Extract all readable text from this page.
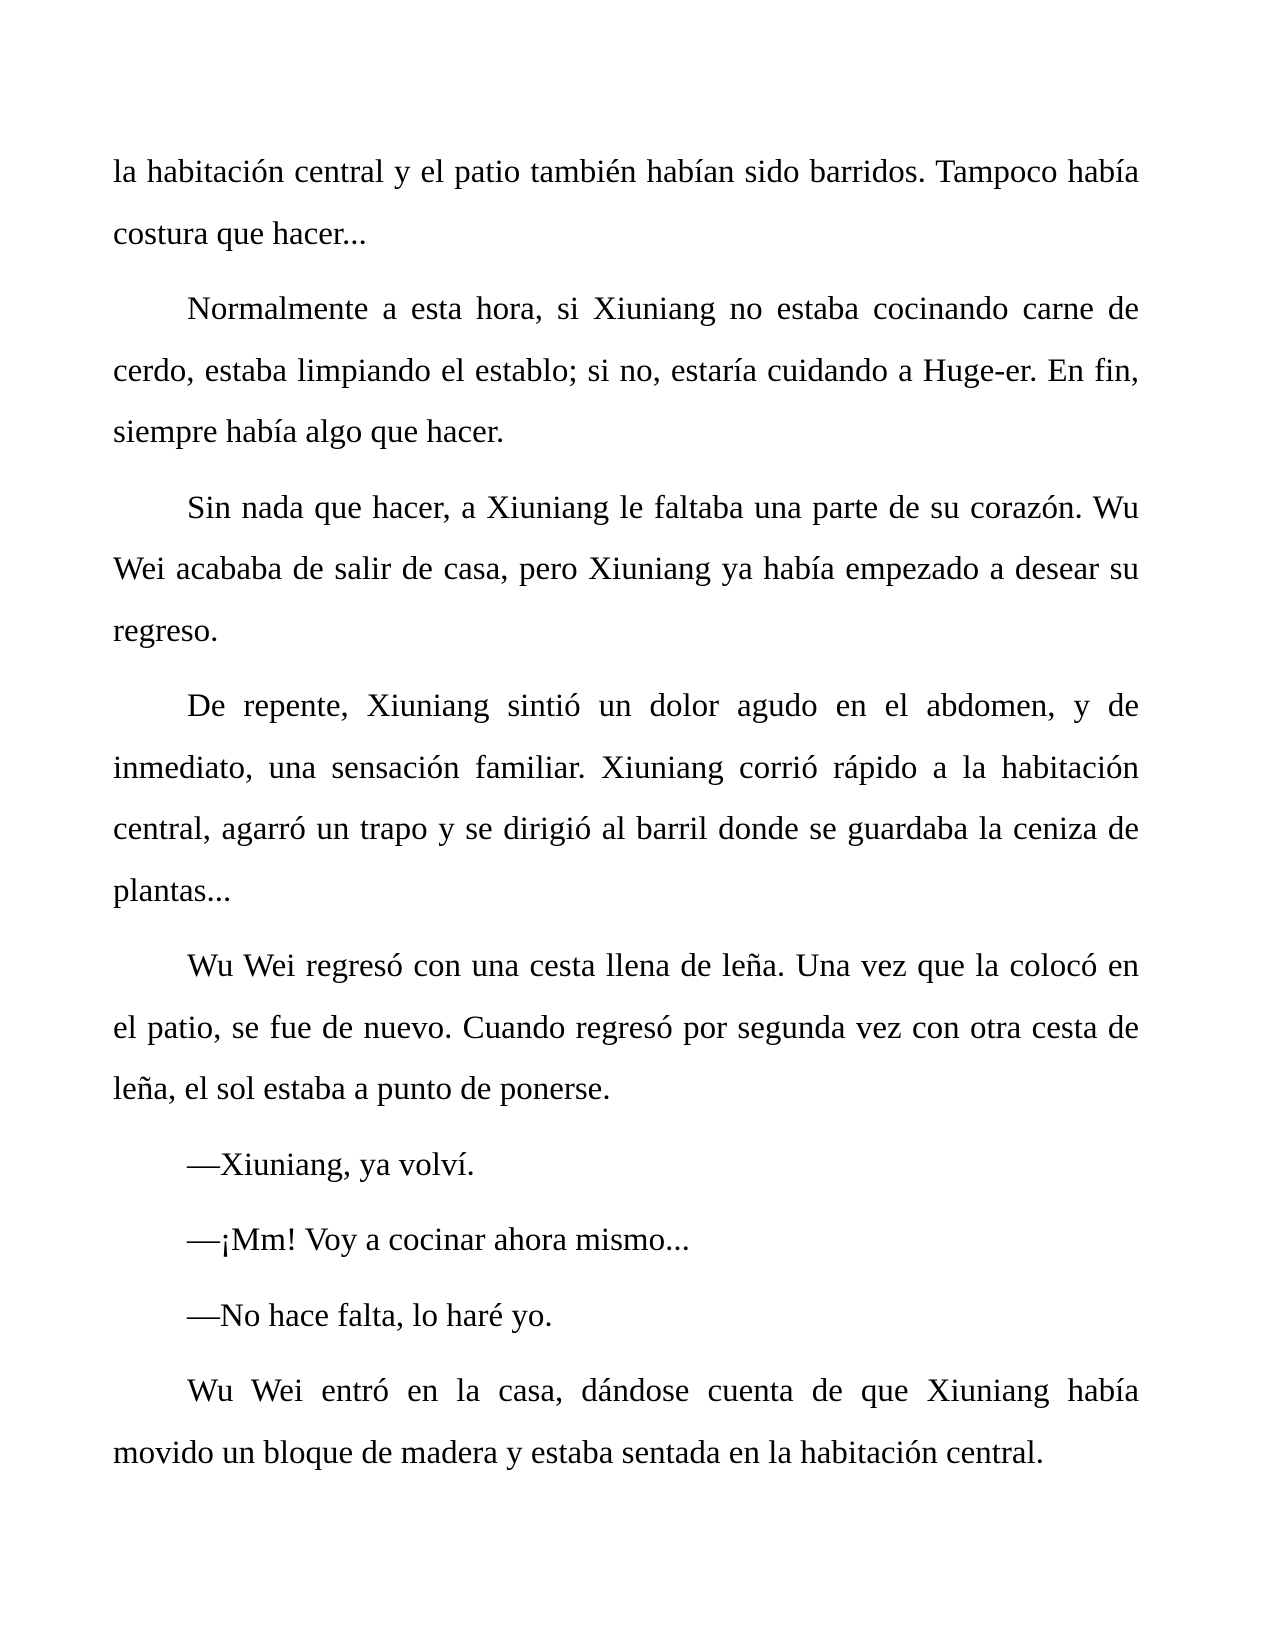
la habitación central y el patio también habían sido barridos. Tampoco había costura que hacer...

Normalmente a esta hora, si Xiuniang no estaba cocinando carne de cerdo, estaba limpiando el establo; si no, estaría cuidando a Huge-er. En fin, siempre había algo que hacer.

Sin nada que hacer, a Xiuniang le faltaba una parte de su corazón. Wu Wei acababa de salir de casa, pero Xiuniang ya había empezado a desear su regreso.

De repente, Xiuniang sintió un dolor agudo en el abdomen, y de inmediato, una sensación familiar. Xiuniang corrió rápido a la habitación central, agarró un trapo y se dirigió al barril donde se guardaba la ceniza de plantas...

Wu Wei regresó con una cesta llena de leña. Una vez que la colocó en el patio, se fue de nuevo. Cuando regresó por segunda vez con otra cesta de leña, el sol estaba a punto de ponerse.

—Xiuniang, ya volví.

—¡Mm! Voy a cocinar ahora mismo...

—No hace falta, lo haré yo.

Wu Wei entró en la casa, dándose cuenta de que Xiuniang había movido un bloque de madera y estaba sentada en la habitación central.
